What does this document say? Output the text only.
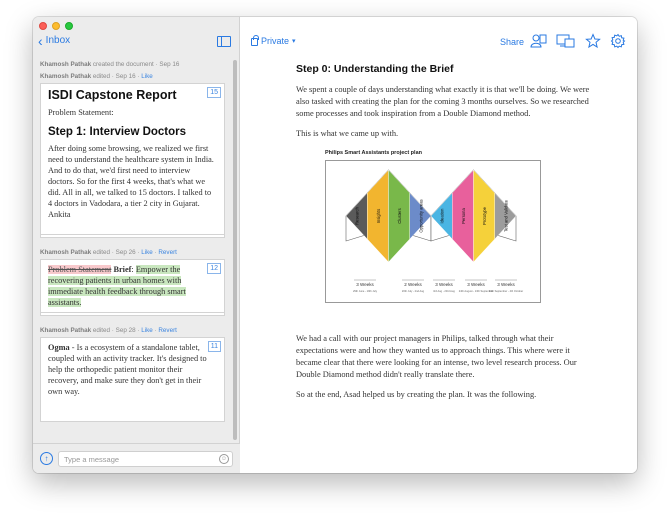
‹ Inbox
Khamosh Pathak created the document · Sep 16
Khamosh Pathak edited · Sep 16 · Like
15
ISDI Capstone Report

Problem Statement:

Step 1: Interview Doctors

After doing some browsing, we realized we first need to understand the healthcare system in India. And to do that, we'd first need to interview doctors. So for the first 4 weeks, that's what we did. All in all, we talked to 15 doctors. I talked to 4 doctors in Vadodara, a tier 2 city in Gujarat. Ankita

Khamosh Pathak edited · Sep 26 · Like · Revert
12
Problem Statement Brief: Empower the recovering patients in urban homes with immediate health feedback through smart assistants.
Khamosh Pathak edited · Sep 28 · Like · Revert
11
Ogma - Is a ecosystem of a standalone tablet, coupled with an activity tracker. It's designed to help the orthopedic patient monitor their recovery, and make sure they don't get in their own way.
↑	Type a message	☺
Private ▾	Share
Step 0: Understanding the Brief

We spent a couple of days understanding what exactly it is that we'll be doing. We were also tasked with creating the plan for the coming 3 months ourselves. So we researched some processes and took inspiration from a Double Diamond method.

This is what we came up with.

Philips Smart Assistants project plan
Research	Insights	Clusters	Opportunity areas	Ideation	Persona	Prototype	Test and Validate
3 Weeks
29th June - 19th July
2 Weeks
20th July - 2nd Aug
3 Weeks
3rd Aug - 23rd Aug
3 Weeks
24th August - 13th September
3 Weeks
14th September - 4th October

We had a call with our project managers in Philips, talked through what their expectations were and how they wanted us to approach things. This where were it became clear that there were looking for an intense, two level research process. Our Double Diamond method didn't really translate there.

So at the end, Asad helped us by creating the plan. It was the following.
